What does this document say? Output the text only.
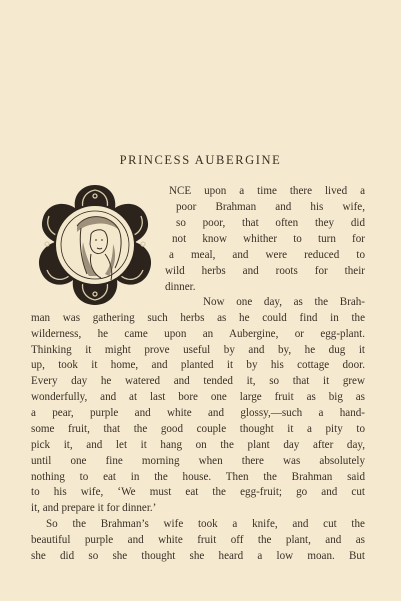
PRINCESS AUBERGINE
NCE upon a time there lived a
poor Brahman and his wife,
so poor, that often they did
not know whither to turn for
a meal, and were reduced to
wild herbs and roots for their
dinner.
Now one day, as the Brah-
man was gathering such herbs as he could find in the
wilderness, he came upon an Aubergine, or egg-plant.
Thinking it might prove useful by and by, he dug it
up, took it home, and planted it by his cottage door.
Every day he watered and tended it, so that it grew
wonderfully, and at last bore one large fruit as big as
a pear, purple and white and glossy,—such a hand-
some fruit, that the good couple thought it a pity to
pick it, and let it hang on the plant day after day,
until one fine morning when there was absolutely
nothing to eat in the house. Then the Brahman said
to his wife, ‘We must eat the egg-fruit; go and cut
it, and prepare it for dinner.’
So the Brahman’s wife took a knife, and cut the
beautiful purple and white fruit off the plant, and as
she did so she thought she heard a low moan. But
